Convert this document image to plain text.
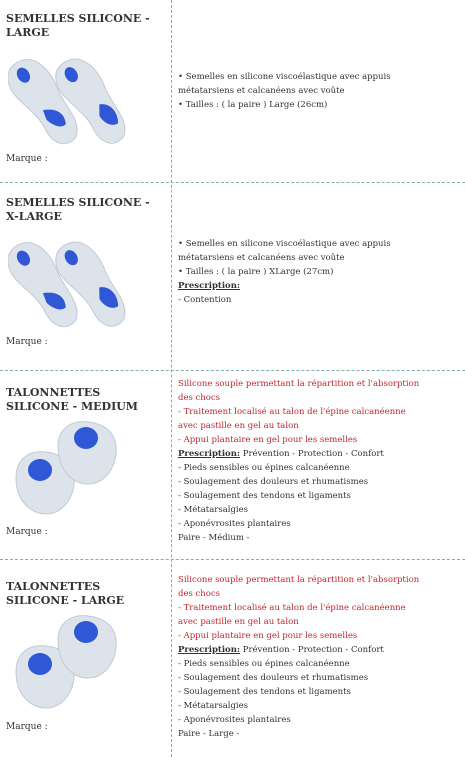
SEMELLES SILICONE - LARGE
Marque :
• Semelles en silicone viscoélastique avec appuis
métatarsiens et calcanéens avec voûte
• Tailles : ( la paire ) Large (26cm)
SEMELLES SILICONE - X-LARGE
Marque :
• Semelles en silicone viscoélastique avec appuis
métatarsiens et calcanéens avec voûte
• Tailles : ( la paire ) XLarge (27cm)
Prescription:
- Contention
TALONNETTES SILICONE - MEDIUM
Marque :
Silicone souple permettant la répartition et l'absorption
des chocs
- Traitement localisé au talon de l'épine calcanéenne
avec pastille en gel au talon
- Appui plantaire en gel pour les semelles
Prescription: Prévention - Protection - Confort
- Pieds sensibles ou épines calcanéenne
- Soulagement des douleurs et rhumatismes
- Soulagement des tendons et ligaments
- Métatarsalgies
- Aponévrosites plantaires
Paire - Médium -
TALONNETTES SILICONE - LARGE
Marque :
Silicone souple permettant la répartition et l'absorption
des chocs
- Traitement localisé au talon de l'épine calcanéenne
avec pastille en gel au talon
- Appui plantaire en gel pour les semelles
Prescription: Prévention - Protection - Confort
- Pieds sensibles ou épines calcanéenne
- Soulagement des douleurs et rhumatismes
- Soulagement des tendons et ligaments
- Métatarsalgies
- Aponévrosites plantaires
Paire - Large -
